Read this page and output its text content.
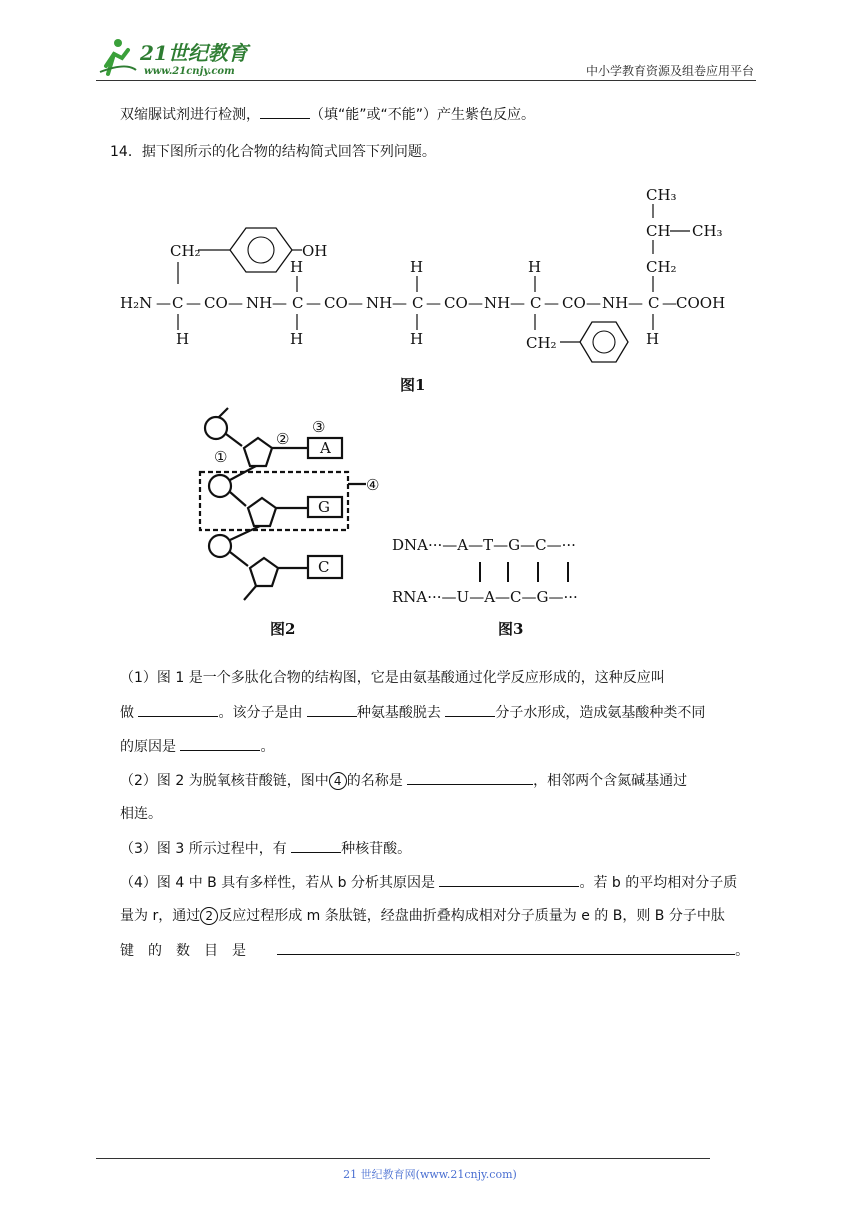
21世纪教育
www.21cnjy.com	中小学教育资源及组卷应用平台
双缩脲试剂进行检测，	（填“能”或“不能”）产生紫色反应。
14．据下图所示的化合物的结构简式回答下列问题。
H₂N — C — CO — NH — C — CO — NH — C — CO — NH — C — CO — NH — C — COOH
CH₂
H
OH
H
H
H
H
H
CH₂
CH₃
CH CH₃
CH₂
H
图1
A
G
C
③
②
①
④
图2
DNA···—A—T—G—C—···
RNA···—U—A—C—G—···
图3
（1）图 1 是一个多肽化合物的结构图，它是由氨基酸通过化学反应形成的，这种反应叫
做	。该分子是由	种氨基酸脱去	分子水形成，造成氨基酸种类不同
的原因是	。
（2）图 2 为脱氧核苷酸链，图中 4 的名称是	，相邻两个含氮碱基通过
相连。
（3）图 3 所示过程中，有	种核苷酸。
（4）图 4 中 B 具有多样性，若从 b 分析其原因是	。若 b 的平均相对分子质
量为 r，通过 2 反应过程形成 m 条肽链，经盘曲折叠构成相对分子质量为 e 的 B，则 B 分子中肽
键　的　数　目　是	。
21 世纪教育网(www.21cnjy.com)
